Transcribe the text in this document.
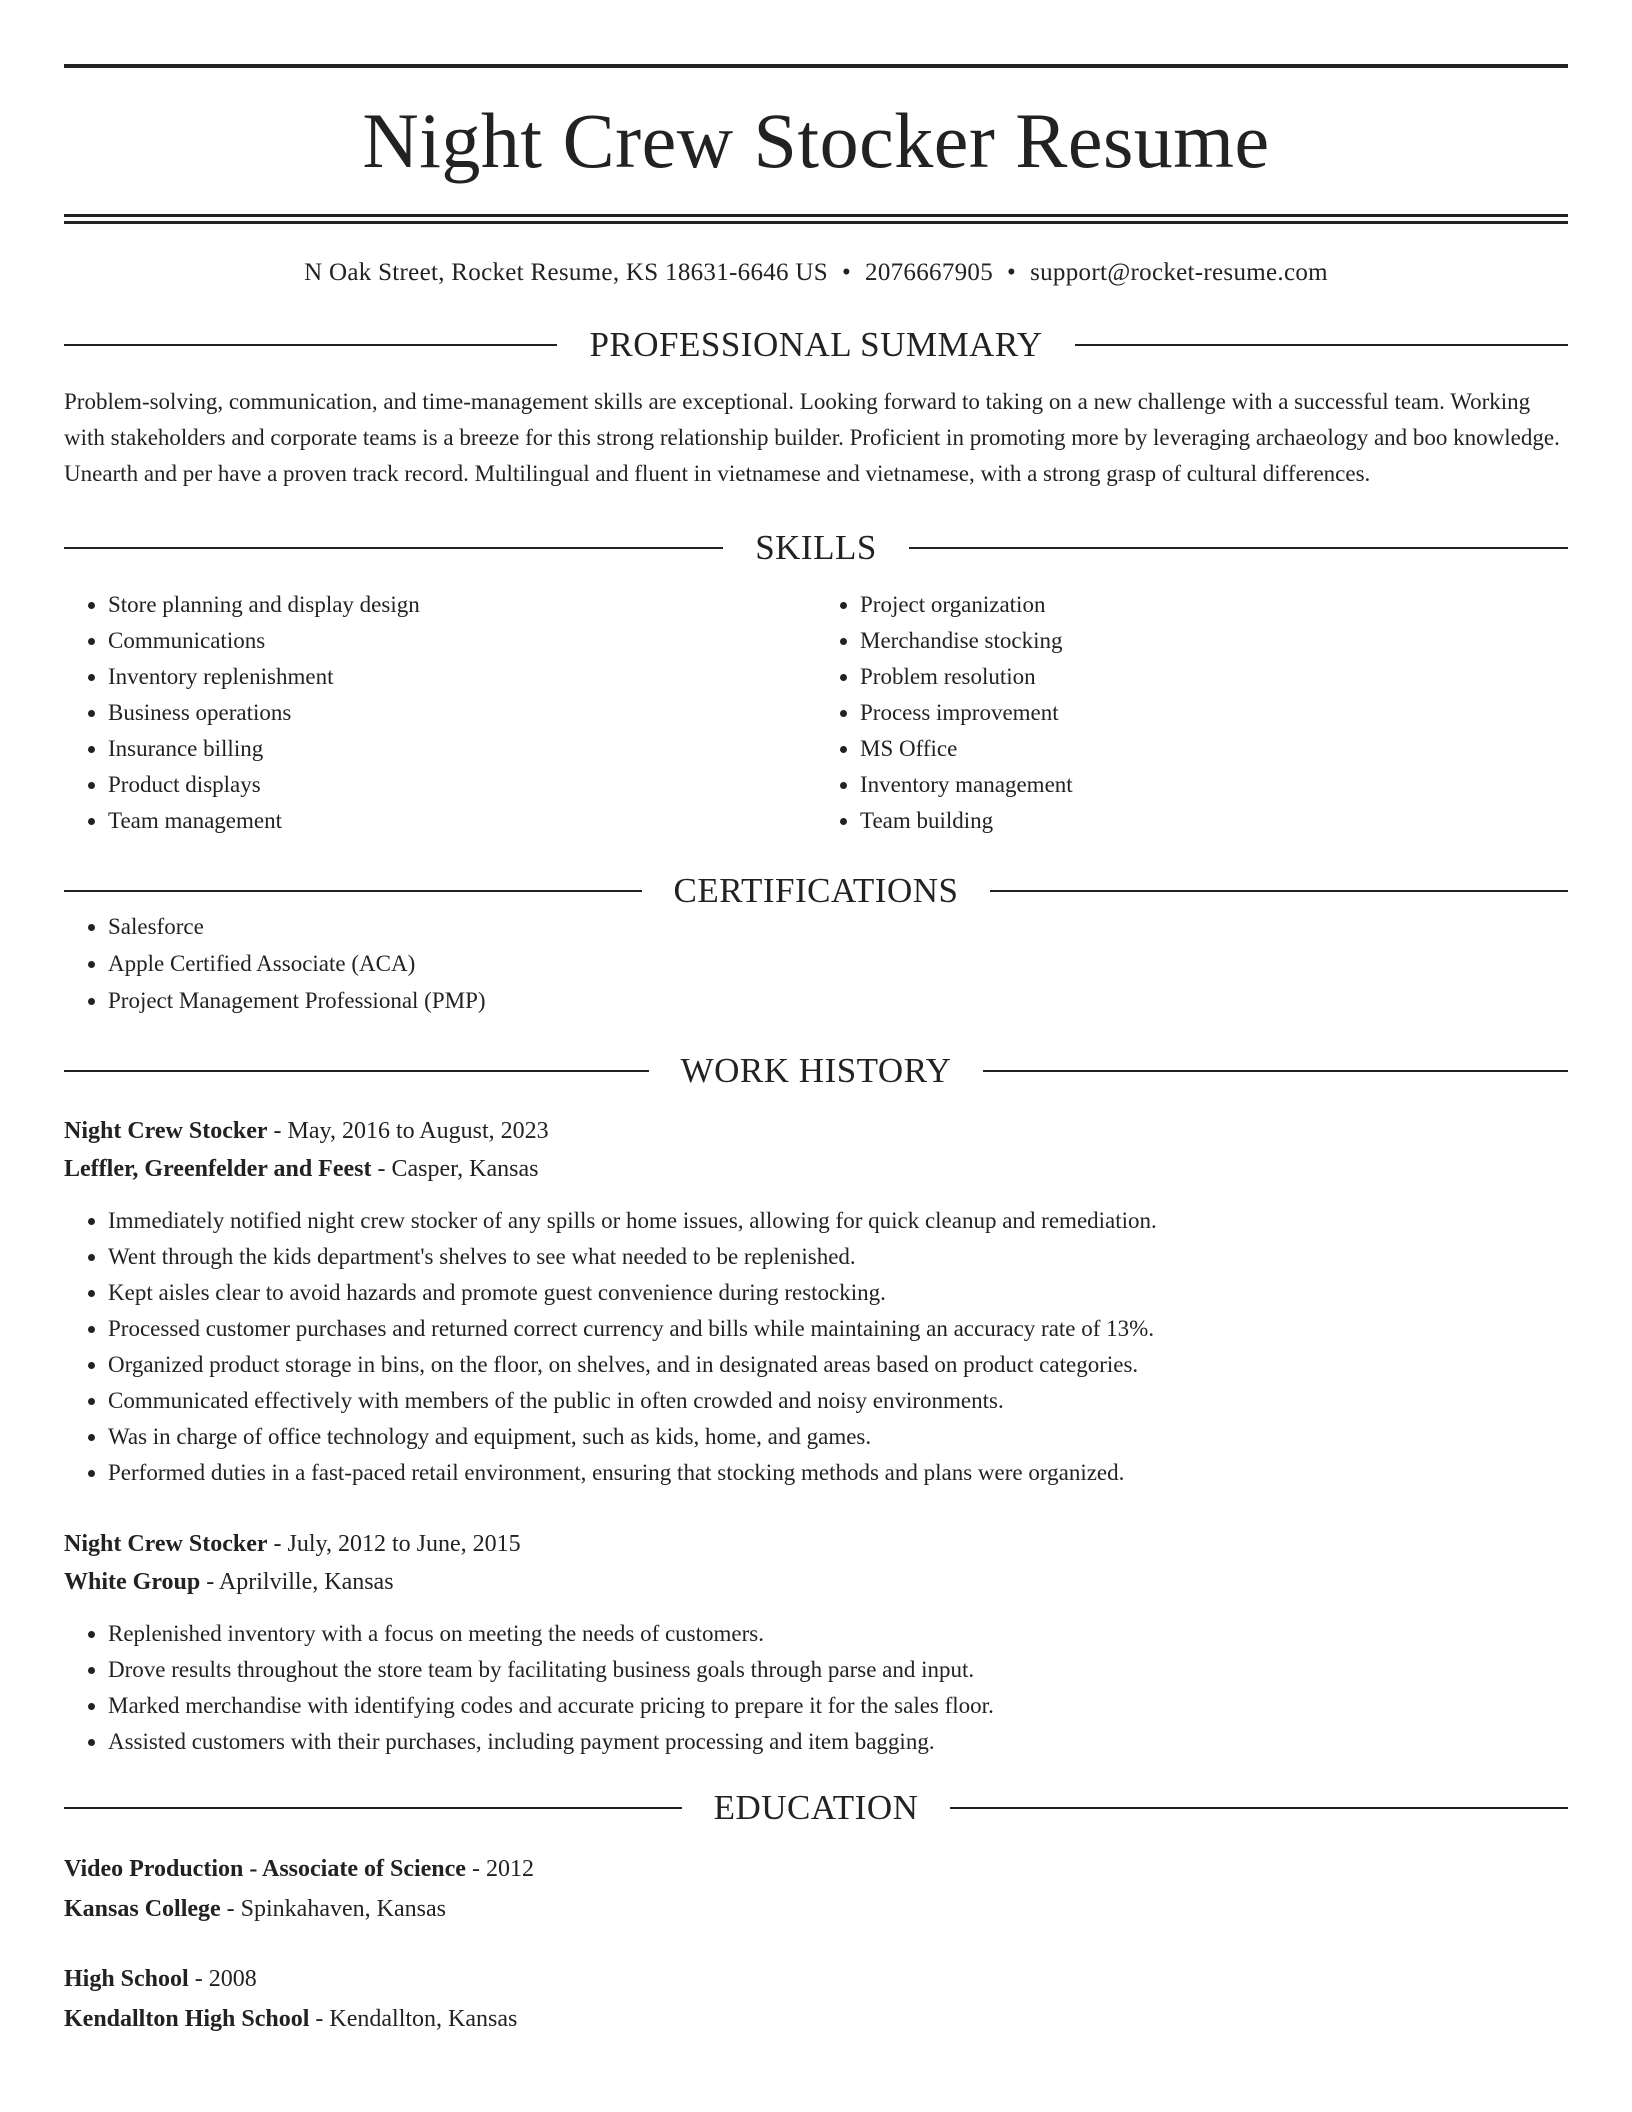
Night Crew Stocker Resume
N Oak Street, Rocket Resume, KS 18631-6646 US • 2076667905 • support@rocket-resume.com
PROFESSIONAL SUMMARY
Problem-solving, communication, and time-management skills are exceptional. Looking forward to taking on a new challenge with a successful team. Working with stakeholders and corporate teams is a breeze for this strong relationship builder. Proficient in promoting more by leveraging archaeology and boo knowledge. Unearth and per have a proven track record. Multilingual and fluent in vietnamese and vietnamese, with a strong grasp of cultural differences.
SKILLS
• Store planning and display design
• Communications
• Inventory replenishment
• Business operations
• Insurance billing
• Product displays
• Team management
• Project organization
• Merchandise stocking
• Problem resolution
• Process improvement
• MS Office
• Inventory management
• Team building
CERTIFICATIONS
• Salesforce
• Apple Certified Associate (ACA)
• Project Management Professional (PMP)
WORK HISTORY
Night Crew Stocker - May, 2016 to August, 2023
Leffler, Greenfelder and Feest - Casper, Kansas
• Immediately notified night crew stocker of any spills or home issues, allowing for quick cleanup and remediation.
• Went through the kids department's shelves to see what needed to be replenished.
• Kept aisles clear to avoid hazards and promote guest convenience during restocking.
• Processed customer purchases and returned correct currency and bills while maintaining an accuracy rate of 13%.
• Organized product storage in bins, on the floor, on shelves, and in designated areas based on product categories.
• Communicated effectively with members of the public in often crowded and noisy environments.
• Was in charge of office technology and equipment, such as kids, home, and games.
• Performed duties in a fast-paced retail environment, ensuring that stocking methods and plans were organized.
Night Crew Stocker - July, 2012 to June, 2015
White Group - Aprilville, Kansas
• Replenished inventory with a focus on meeting the needs of customers.
• Drove results throughout the store team by facilitating business goals through parse and input.
• Marked merchandise with identifying codes and accurate pricing to prepare it for the sales floor.
• Assisted customers with their purchases, including payment processing and item bagging.
EDUCATION
Video Production - Associate of Science - 2012
Kansas College - Spinkahaven, Kansas
High School - 2008
Kendallton High School - Kendallton, Kansas
